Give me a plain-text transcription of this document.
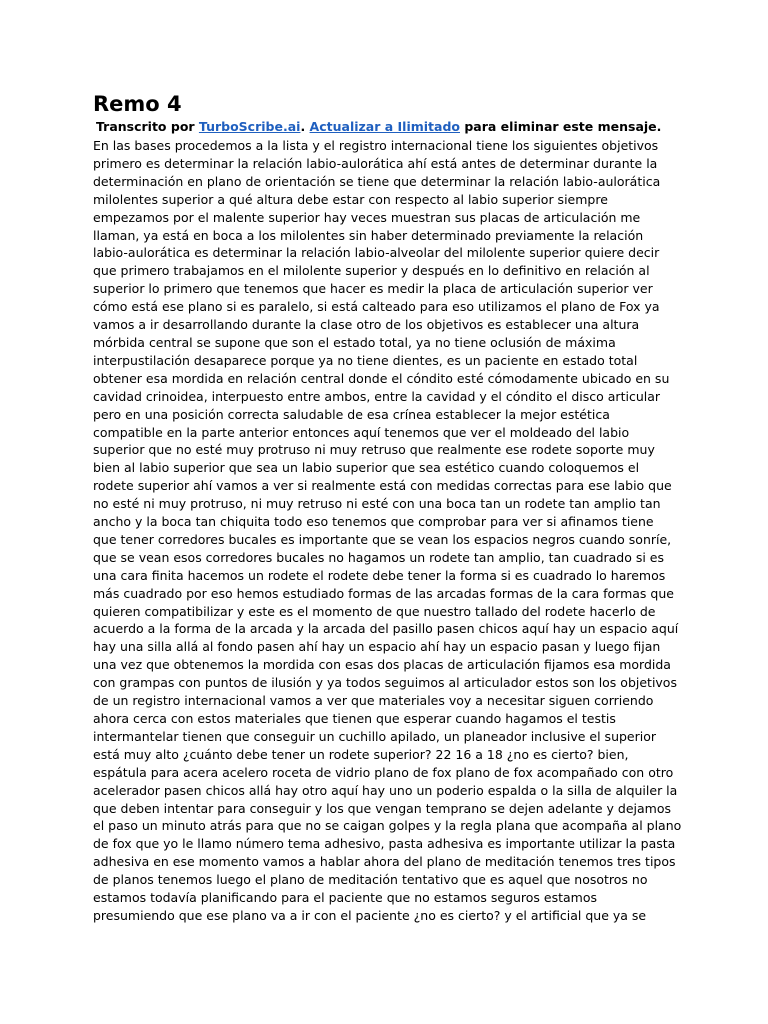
Remo 4

Transcrito por TurboScribe.ai. Actualizar a Ilimitado para eliminar este mensaje.

En las bases procedemos a la lista y el registro internacional tiene los siguientes objetivos
primero es determinar la relación labio-aulorática ahí está antes de determinar durante la
determinación en plano de orientación se tiene que determinar la relación labio-aulorática
milolentes superior a qué altura debe estar con respecto al labio superior siempre
empezamos por el malente superior hay veces muestran sus placas de articulación me
llaman, ya está en boca a los milolentes sin haber determinado previamente la relación
labio-aulorática es determinar la relación labio-alveolar del milolente superior quiere decir
que primero trabajamos en el milolente superior y después en lo definitivo en relación al
superior lo primero que tenemos que hacer es medir la placa de articulación superior ver
cómo está ese plano si es paralelo, si está calteado para eso utilizamos el plano de Fox ya
vamos a ir desarrollando durante la clase otro de los objetivos es establecer una altura
mórbida central se supone que son el estado total, ya no tiene oclusión de máxima
interpustilación desaparece porque ya no tiene dientes, es un paciente en estado total
obtener esa mordida en relación central donde el cóndito esté cómodamente ubicado en su
cavidad crinoidea, interpuesto entre ambos, entre la cavidad y el cóndito el disco articular
pero en una posición correcta saludable de esa crínea establecer la mejor estética
compatible en la parte anterior entonces aquí tenemos que ver el moldeado del labio
superior que no esté muy protruso ni muy retruso que realmente ese rodete soporte muy
bien al labio superior que sea un labio superior que sea estético cuando coloquemos el
rodete superior ahí vamos a ver si realmente está con medidas correctas para ese labio que
no esté ni muy protruso, ni muy retruso ni esté con una boca tan un rodete tan amplio tan
ancho y la boca tan chiquita todo eso tenemos que comprobar para ver si afinamos tiene
que tener corredores bucales es importante que se vean los espacios negros cuando sonríe,
que se vean esos corredores bucales no hagamos un rodete tan amplio, tan cuadrado si es
una cara finita hacemos un rodete el rodete debe tener la forma si es cuadrado lo haremos
más cuadrado por eso hemos estudiado formas de las arcadas formas de la cara formas que
quieren compatibilizar y este es el momento de que nuestro tallado del rodete hacerlo de
acuerdo a la forma de la arcada y la arcada del pasillo pasen chicos aquí hay un espacio aquí
hay una silla allá al fondo pasen ahí hay un espacio ahí hay un espacio pasan y luego fijan
una vez que obtenemos la mordida con esas dos placas de articulación fijamos esa mordida
con grampas con puntos de ilusión y ya todos seguimos al articulador estos son los objetivos
de un registro internacional vamos a ver que materiales voy a necesitar siguen corriendo
ahora cerca con estos materiales que tienen que esperar cuando hagamos el testis
intermantelar tienen que conseguir un cuchillo apilado, un planeador inclusive el superior
está muy alto ¿cuánto debe tener un rodete superior? 22 16 a 18 ¿no es cierto? bien,
espátula para acera acelero roceta de vidrio plano de fox plano de fox acompañado con otro
acelerador pasen chicos allá hay otro aquí hay uno un poderio espalda o la silla de alquiler la
que deben intentar para conseguir y los que vengan temprano se dejen adelante y dejamos
el paso un minuto atrás para que no se caigan golpes y la regla plana que acompaña al plano
de fox que yo le llamo número tema adhesivo, pasta adhesiva es importante utilizar la pasta
adhesiva en ese momento vamos a hablar ahora del plano de meditación tenemos tres tipos
de planos tenemos luego el plano de meditación tentativo que es aquel que nosotros no
estamos todavía planificando para el paciente que no estamos seguros estamos
presumiendo que ese plano va a ir con el paciente ¿no es cierto? y el artificial que ya se
